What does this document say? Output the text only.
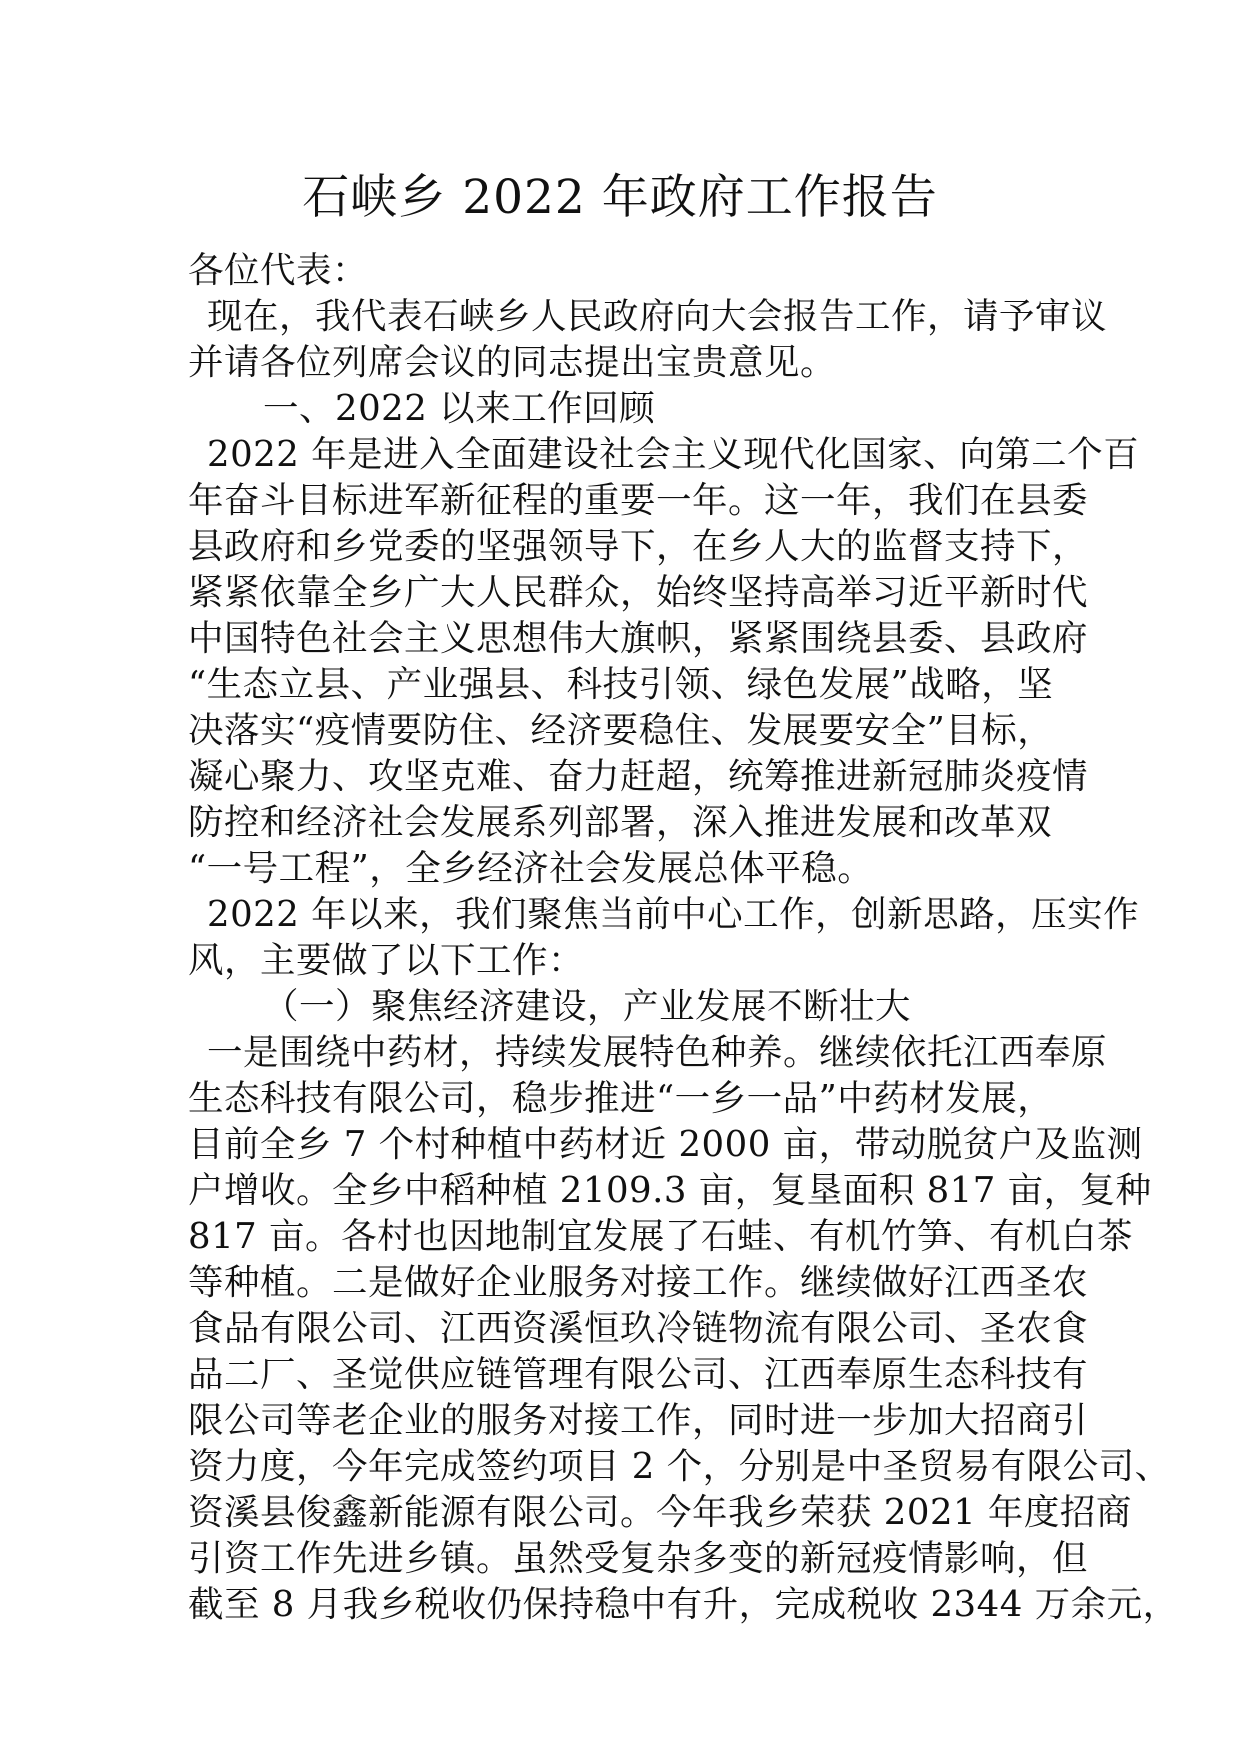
石峡乡 2022 年政府工作报告
各位代表：
现在，我代表石峡乡人民政府向大会报告工作，请予审议
并请各位列席会议的同志提出宝贵意见。
一、2022 以来工作回顾
2022 年是进入全面建设社会主义现代化国家、向第二个百
年奋斗目标进军新征程的重要一年。这一年，我们在县委
县政府和乡党委的坚强领导下，在乡人大的监督支持下，
紧紧依靠全乡广大人民群众，始终坚持高举习近平新时代
中国特色社会主义思想伟大旗帜，紧紧围绕县委、县政府
“生态立县、产业强县、科技引领、绿色发展”战略，坚
决落实“疫情要防住、经济要稳住、发展要安全”目标，
凝心聚力、攻坚克难、奋力赶超，统筹推进新冠肺炎疫情
防控和经济社会发展系列部署，深入推进发展和改革双
“一号工程”，全乡经济社会发展总体平稳。
2022 年以来，我们聚焦当前中心工作，创新思路，压实作
风，主要做了以下工作：
（一）聚焦经济建设，产业发展不断壮大
一是围绕中药材，持续发展特色种养。继续依托江西奉原
生态科技有限公司，稳步推进“一乡一品”中药材发展，
目前全乡 7 个村种植中药材近 2000 亩，带动脱贫户及监测
户增收。全乡中稻种植 2109.3 亩，复垦面积 817 亩，复种
817 亩。各村也因地制宜发展了石蛙、有机竹笋、有机白茶
等种植。二是做好企业服务对接工作。继续做好江西圣农
食品有限公司、江西资溪恒玖冷链物流有限公司、圣农食
品二厂、圣觉供应链管理有限公司、江西奉原生态科技有
限公司等老企业的服务对接工作，同时进一步加大招商引
资力度，今年完成签约项目 2 个，分别是中圣贸易有限公司、
资溪县俊鑫新能源有限公司。今年我乡荣获 2021 年度招商
引资工作先进乡镇。虽然受复杂多变的新冠疫情影响，但
截至 8 月我乡税收仍保持稳中有升，完成税收 2344 万余元，
